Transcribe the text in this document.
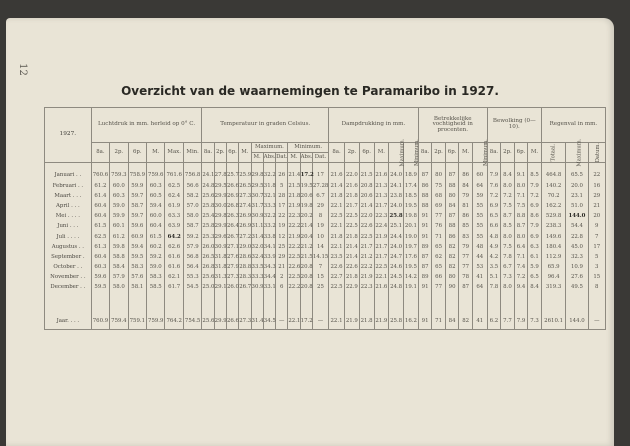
12
Overzicht van de waarnemingen te Paramaribo in 1927.
1927.	Luchtdruk in mm. herleid op 0° C.						Temperatuur in graden Celsius.										Dampdrukking in mm.						Betrekkelijke vochtigheid in procenten.					Bewolking (0—10).				Regenval in mm.		
	8a.	2p.	6p.	M.	Max.	Min.	8a.	2p.	6p.	M.	Maximum.			Minimum.			8a.	2p.	6p.	M.	Maximum.	Minimum.	8a.	2p.	6p.	M.	Minimum.	8a.	2p.	6p.	M.	Totaal.	Maximum.	Datum.
											M.	Abs.	Dat.	M.	Abs.	Dat.																		
Januari . .	760.6	759.3	758.9	759.6	761.6	756.8	24.1	27.8	25.7	25.9	29.8	32.2	26	21.4	17.2	17	21.6	22.0	21.5	21.6	24.0	18.9	87	80	87	86	60	7.9	8.4	9.1	8.5	464.8	65.5	22
Februari . .	61.2	60.0	59.9	60.3	62.5	56.6	24.8	29.5	26.6	26.5	29.5	31.8	5	21.5	19.5	27.28	21.4	21.6	20.8	21.3	24.1	17.4	86	75	88	84	64	7.6	8.0	8.0	7.9	140.2	20.0	16
Maart . . .	61.4	60.3	59.7	60.5	62.4	58.2	25.6	29.9	26.9	27.3	30.7	32.1	28	21.8	20.6	6.7	21.8	21.8	20.6	21.3	23.8	18.5	88	68	80	79	59	7.2	7.2	7.1	7.2	70.2	23.1	29
April . . .	60.4	59.0	58.7	59.4	61.9	57.0	25.8	30.0	26.8	27.4	31.7	33.3	17	21.9	19.8	29	22.1	21.7	21.4	21.7	24.0	19.5	88	69	84	81	55	6.9	7.5	7.5	6.9	162.2	51.0	21
Mei . . . .	60.4	59.9	59.7	60.0	63.3	58.0	25.4	29.8	26.3	26.9	30.9	32.2	22	22.3	20.2	8	22.5	22.5	22.0	22.3	25.8	19.8	91	77	87	86	55	6.5	8.7	8.8	8.6	529.8	144.0	20
Juni . . .	61.5	60.1	59.6	60.4	63.9	58.7	25.8	29.9	26.4	26.9	31.1	33.2	19	22.2	21.4	19	22.1	22.5	22.6	22.4	25.1	20.1	91	76	88	85	55	6.6	8.5	8.7	7.9	238.3	54.4	9
Juli . . . .	62.5	61.2	60.9	61.5	64.2	59.2	25.3	29.6	26.7	27.2	31.4	33.8	12	21.9	20.4	10	21.8	21.8	22.5	21.9	24.4	19.0	91	71	86	83	55	4.8	8.0	8.0	6.9	149.6	22.8	7
Augustus . .	61.3	59.8	59.4	60.2	62.6	57.9	26.0	30.9	27.1	29.0	32.0	34.1	25	22.2	21.2	14	22.1	21.4	21.7	21.7	24.0	19.7	89	65	82	79	48	4.9	7.5	6.4	6.3	180.4	45.0	17
September .	60.4	58.8	59.5	59.2	61.6	56.8	26.5	31.8	27.6	28.6	32.4	33.9	29	22.5	21.5	14.15	23.5	21.4	21.2	21.7	24.7	17.6	87	62	82	77	44	4.2	7.8	7.1	6.1	112.9	32.3	5
October . .	60.3	58.4	58.3	59.0	61.6	56.4	26.8	31.8	27.9	28.8	33.5	34.3	21	22.6	20.8	7	22.6	22.6	22.2	22.5	24.6	19.5	87	65	82	77	53	3.5	6.7	7.4	5.9	65.9	10.9	3
November . .	59.6	57.9	57.6	58.3	62.1	55.3	25.6	31.3	27.3	28.3	33.3	34.4	2	22.5	20.8	15	22.7	21.8	21.9	22.1	24.5	14.2	89	66	80	78	41	5.1	7.3	7.2	6.5	96.4	27.6	15
December . .	59.5	58.0	58.1	58.5	61.7	54.5	25.0	29.1	26.0	26.7	30.9	33.1	6	22.2	20.8	25	22.5	22.9	22.3	21.6	24.8	19.1	91	77	90	87	64	7.8	8.0	9.4	8.4	319.3	49.5	8

Jaar. . . .	760.9	759.4	759.1	759.9	764.2	754.5	25.6	29.9	26.6	27.3	31.4	34.5	—	22.1	17.2	—	22.1	21.9	21.8	21.9	25.8	16.2	91	71	84	82	41	6.2	7.7	7.9	7.3	2610.1	144.0	—
